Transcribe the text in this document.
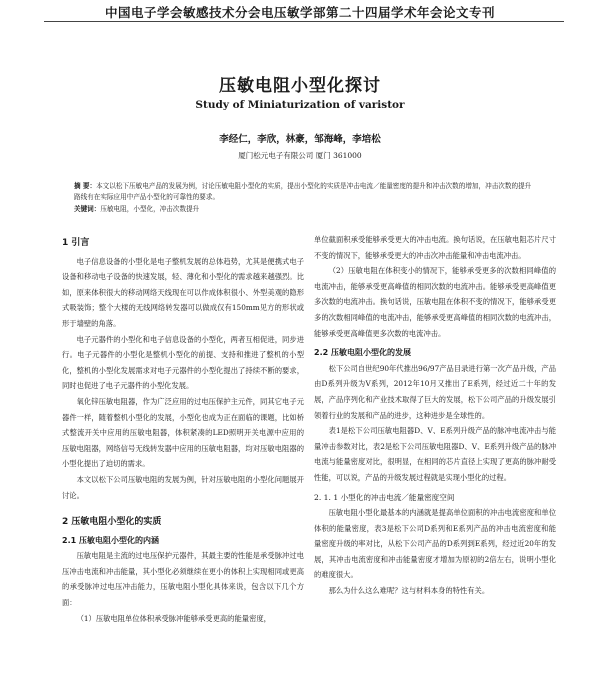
中国电子学会敏感技术分会电压敏学部第二十四届学术年会论文专刊
压敏电阻小型化探讨
Study of Miniaturization of varistor
李经仁，李欣，林豪，邹海峰，李培松
厦门松元电子有限公司 厦门 361000
摘 要：本文以松下压敏电产品的发展为例，讨论压敏电阻小型化的实质，提出小型化的实质是冲击电流／能量密度的提升和冲击次数的增加，冲击次数的提升路线有在实际应用中产品小型化的可靠性的要求。
关键词：压敏电阻，小型化，冲击次数提升
1 引言

电子信息设备的小型化是电子整机发展的总体趋势，尤其是便携式电子设备和移动电子设备的快速发展，轻、薄化和小型化的需求越来越强烈。比如，原来体积很大的移动网络天线现在可以作成体积很小、外型美观的隐形式吸装饰；整个大楼的无线网络转发器可以做成仅有150mm见方的形状或形于墙壁的角落。

电子元器件的小型化和电子信息设备的小型化，两者互相促进，同步进行。电子元器件的小型化是整机小型化的前提、支持和推进了整机的小型化，整机的小型化发展需求对电子元器件的小型化提出了持续不断的要求，同时也促进了电子元器件的小型化发展。

氧化锌压敏电阻器，作为广泛应用的过电压保护主元件，同其它电子元器件一样，随着整机小型化的发展，小型化也成为正在面临的课题，比如桥式整流开关中应用的压敏电阻器，体积紧凑的LED照明开关电源中应用的压敏电阻器，网络信号无线转发器中应用的压敏电阻器，均对压敏电阻器的小型化提出了迫切的需求。

本文以松下公司压敏电阻的发展为例，针对压敏电阻的小型化问题展开讨论。

2 压敏电阻小型化的实质
2.1 压敏电阻小型化的内涵

压敏电阻是主流的过电压保护元器件，其最主要的性能是承受脉冲过电压冲击电流和冲击能量，其小型化必须继续在更小的体积上实现相同或更高的承受脉冲过电压冲击能力，压敏电阻小型化具体来说，包含以下几个方面：

（1）压敏电阻单位体积承受脉冲能够承受更高的能量密度，

单位截面积承受能够承受更大的冲击电流。换句话说，在压敏电阻芯片尺寸不变的情况下，能够承受更大的冲击次冲击能量和冲击电流冲击。

（2）压敏电阻在体积变小的情况下，能够承受更多的次数相同峰值的电流冲击，能够承受更高峰值的相同次数的电流冲击。能够承受更高峰值更多次数的电流冲击。换句话说，压敏电阻在体积不变的情况下，能够承受更多的次数相同峰值的电流冲击，能够承受更高峰值的相同次数的电流冲击，能够承受更高峰值更多次数的电流冲击。

2.2 压敏电阻小型化的发展

松下公司自世纪90年代推出96/97产品目录进行第一次产品升级，产品由D系列升级为V系列，2012年10月又推出了E系列，经过近二十年的发展，产品序列化和产业技术取得了巨大的发展，松下公司产品的升级发展引领着行业的发展和产品的进步，这种进步是全球性的。

表1是松下公司压敏电阻器D、V、E系列升级产品的脉冲电流冲击与能量冲击参数对比，表2是松下公司压敏电阻器D、V、E系列升级产品的脉冲电流与能量密度对比，很明显，在相同的芯片直径上实现了更高的脉冲耐受性能，可以说，产品的升级发展过程就是实现小型化的过程。

2. 1. 1 小型化的冲击电流／能量密度空间

压敏电阻小型化最基本的内涵就是提高单位面积的冲击电流密度和单位体积的能量密度，表3是松下公司D系列和E系列产品的冲击电流密度和能量密度升级的率对比，从松下公司产品的D系列到E系列，经过近20年的发展，其冲击电流密度和冲击能量密度才增加为原初的2倍左右，说明小型化的难度很大。

那么为什么这么难呢？这与材料本身的特性有关。
